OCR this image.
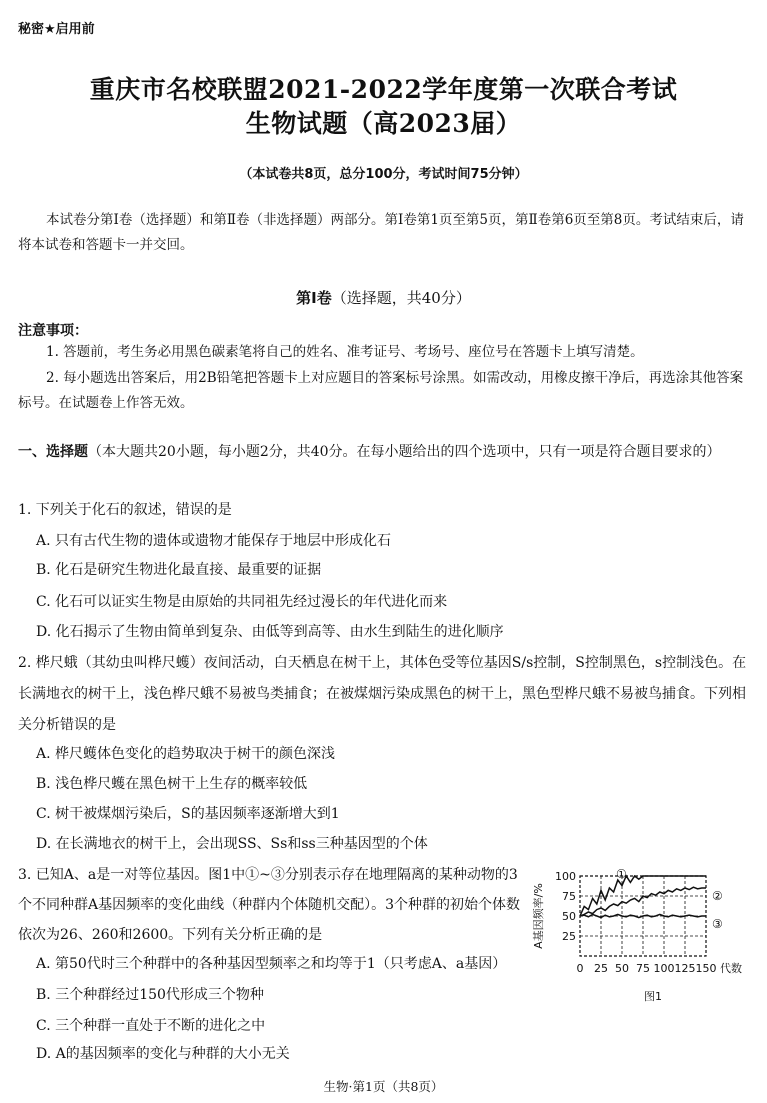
秘密★启用前
重庆市名校联盟2021-2022学年度第一次联合考试
生物试题（高2023届）
（本试卷共8页，总分100分，考试时间75分钟）
本试卷分第Ⅰ卷（选择题）和第Ⅱ卷（非选择题）两部分。第Ⅰ卷第1页至第5页，第Ⅱ卷第6页至第8页。考试结束后，请将本试卷和答题卡一并交回。
第Ⅰ卷（选择题，共40分）
注意事项：
1. 答题前，考生务必用黑色碳素笔将自己的姓名、准考证号、考场号、座位号在答题卡上填写清楚。
2. 每小题选出答案后，用2B铅笔把答题卡上对应题目的答案标号涂黑。如需改动，用橡皮擦干净后，再选涂其他答案标号。在试题卷上作答无效。
一、选择题（本大题共20小题，每小题2分，共40分。在每小题给出的四个选项中，只有一项是符合题目要求的）
1. 下列关于化石的叙述，错误的是
A. 只有古代生物的遗体或遗物才能保存于地层中形成化石
B. 化石是研究生物进化最直接、最重要的证据
C. 化石可以证实生物是由原始的共同祖先经过漫长的年代进化而来
D. 化石揭示了生物由简单到复杂、由低等到高等、由水生到陆生的进化顺序
2. 桦尺蛾（其幼虫叫桦尺蠖）夜间活动，白天栖息在树干上，其体色受等位基因S/s控制，S控制黑色，s控制浅色。在长满地衣的树干上，浅色桦尺蛾不易被鸟类捕食；在被煤烟污染成黑色的树干上，黑色型桦尺蛾不易被鸟捕食。下列相关分析错误的是
A. 桦尺蠖体色变化的趋势取决于树干的颜色深浅
B. 浅色桦尺蠖在黑色树干上生存的概率较低
C. 树干被煤烟污染后，S的基因频率逐渐增大到1
D. 在长满地衣的树干上，会出现SS、Ss和ss三种基因型的个体
3. 已知A、a是一对等位基因。图1中①~③分别表示存在地理隔离的某种动物的3个不同种群A基因频率的变化曲线（种群内个体随机交配）。3个种群的初始个体数依次为26、260和2600。下列有关分析正确的是
A. 第50代时三个种群中的各种基因型频率之和均等于1（只考虑A、a基因）
B. 三个种群经过150代形成三个物种
C. 三个种群一直处于不断的进化之中
D. A的基因频率的变化与种群的大小无关
25
50
75
100
0 25 50 75 100 125 150 代数
A基因频率/%
①
②
③
图1
生物·第1页（共8页）
